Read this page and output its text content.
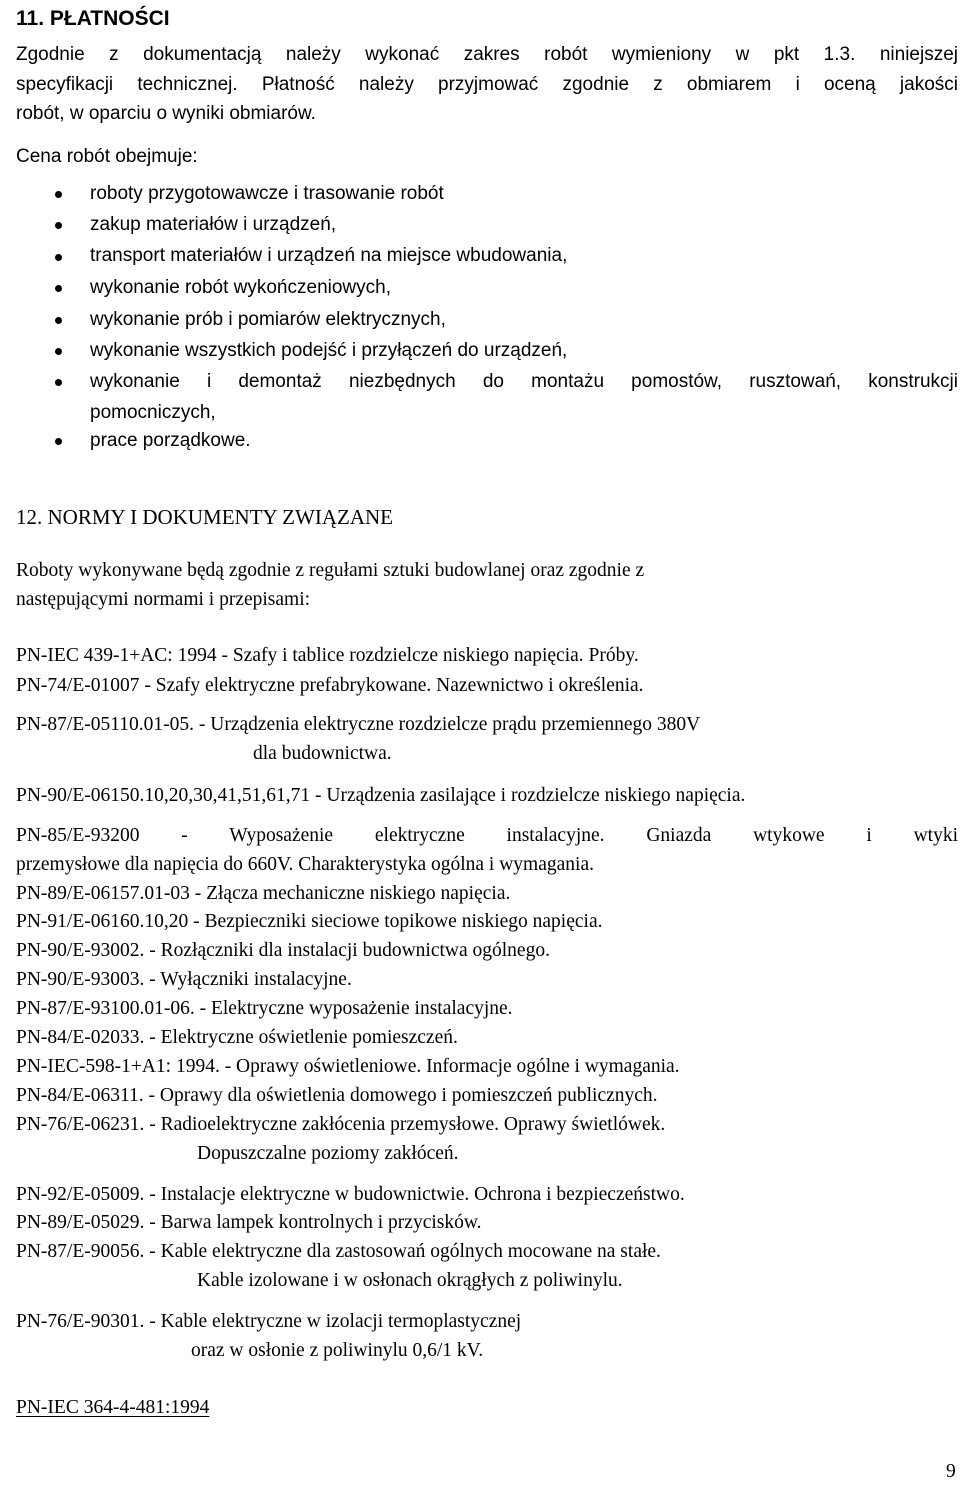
11. PŁATNOŚCI
Zgodnie z dokumentacją należy wykonać zakres robót wymieniony w pkt 1.3. niniejszej
specyfikacji technicznej. Płatność należy przyjmować zgodnie z obmiarem i oceną jakości
robót, w oparciu o wyniki obmiarów.
Cena robót obejmuje:
roboty przygotowawcze i trasowanie robót
zakup materiałów i urządzeń,
transport materiałów i urządzeń na miejsce wbudowania,
wykonanie robót wykończeniowych,
wykonanie prób i pomiarów elektrycznych,
wykonanie wszystkich podejść i przyłączeń do urządzeń,
wykonanie i demontaż niezbędnych do montażu pomostów, rusztowań, konstrukcji
pomocniczych,
prace porządkowe.
12. NORMY I DOKUMENTY ZWIĄZANE
Roboty wykonywane będą zgodnie z regułami sztuki budowlanej oraz zgodnie z
następującymi normami i przepisami:
PN-IEC 439-1+AC: 1994 - Szafy i tablice rozdzielcze niskiego napięcia. Próby.
PN-74/E-01007 - Szafy elektryczne prefabrykowane. Nazewnictwo i określenia.
PN-87/E-05110.01-05. - Urządzenia elektryczne rozdzielcze prądu przemiennego 380V
dla budownictwa.
PN-90/E-06150.10,20,30,41,51,61,71 - Urządzenia zasilające i rozdzielcze niskiego napięcia.
PN-85/E-93200 - Wyposażenie elektryczne instalacyjne. Gniazda wtykowe i wtyki
przemysłowe dla napięcia do 660V. Charakterystyka ogólna i wymagania.
PN-89/E-06157.01-03 - Złącza mechaniczne niskiego napięcia.
PN-91/E-06160.10,20 - Bezpieczniki sieciowe topikowe niskiego napięcia.
PN-90/E-93002. - Rozłączniki dla instalacji budownictwa ogólnego.
PN-90/E-93003. - Wyłączniki instalacyjne.
PN-87/E-93100.01-06. - Elektryczne wyposażenie instalacyjne.
PN-84/E-02033. - Elektryczne oświetlenie pomieszczeń.
PN-IEC-598-1+A1: 1994. - Oprawy oświetleniowe. Informacje ogólne i wymagania.
PN-84/E-06311. - Oprawy dla oświetlenia domowego i pomieszczeń publicznych.
PN-76/E-06231. - Radioelektryczne zakłócenia przemysłowe. Oprawy świetlówek.
Dopuszczalne poziomy zakłóceń.
PN-92/E-05009. - Instalacje elektryczne w budownictwie. Ochrona i bezpieczeństwo.
PN-89/E-05029. - Barwa lampek kontrolnych i przycisków.
PN-87/E-90056. - Kable elektryczne dla zastosowań ogólnych mocowane na stałe.
Kable izolowane i w osłonach okrągłych z poliwinylu.
PN-76/E-90301. - Kable elektryczne w izolacji termoplastycznej
oraz w osłonie z poliwinylu 0,6/1 kV.
PN-IEC 364-4-481:1994
9
